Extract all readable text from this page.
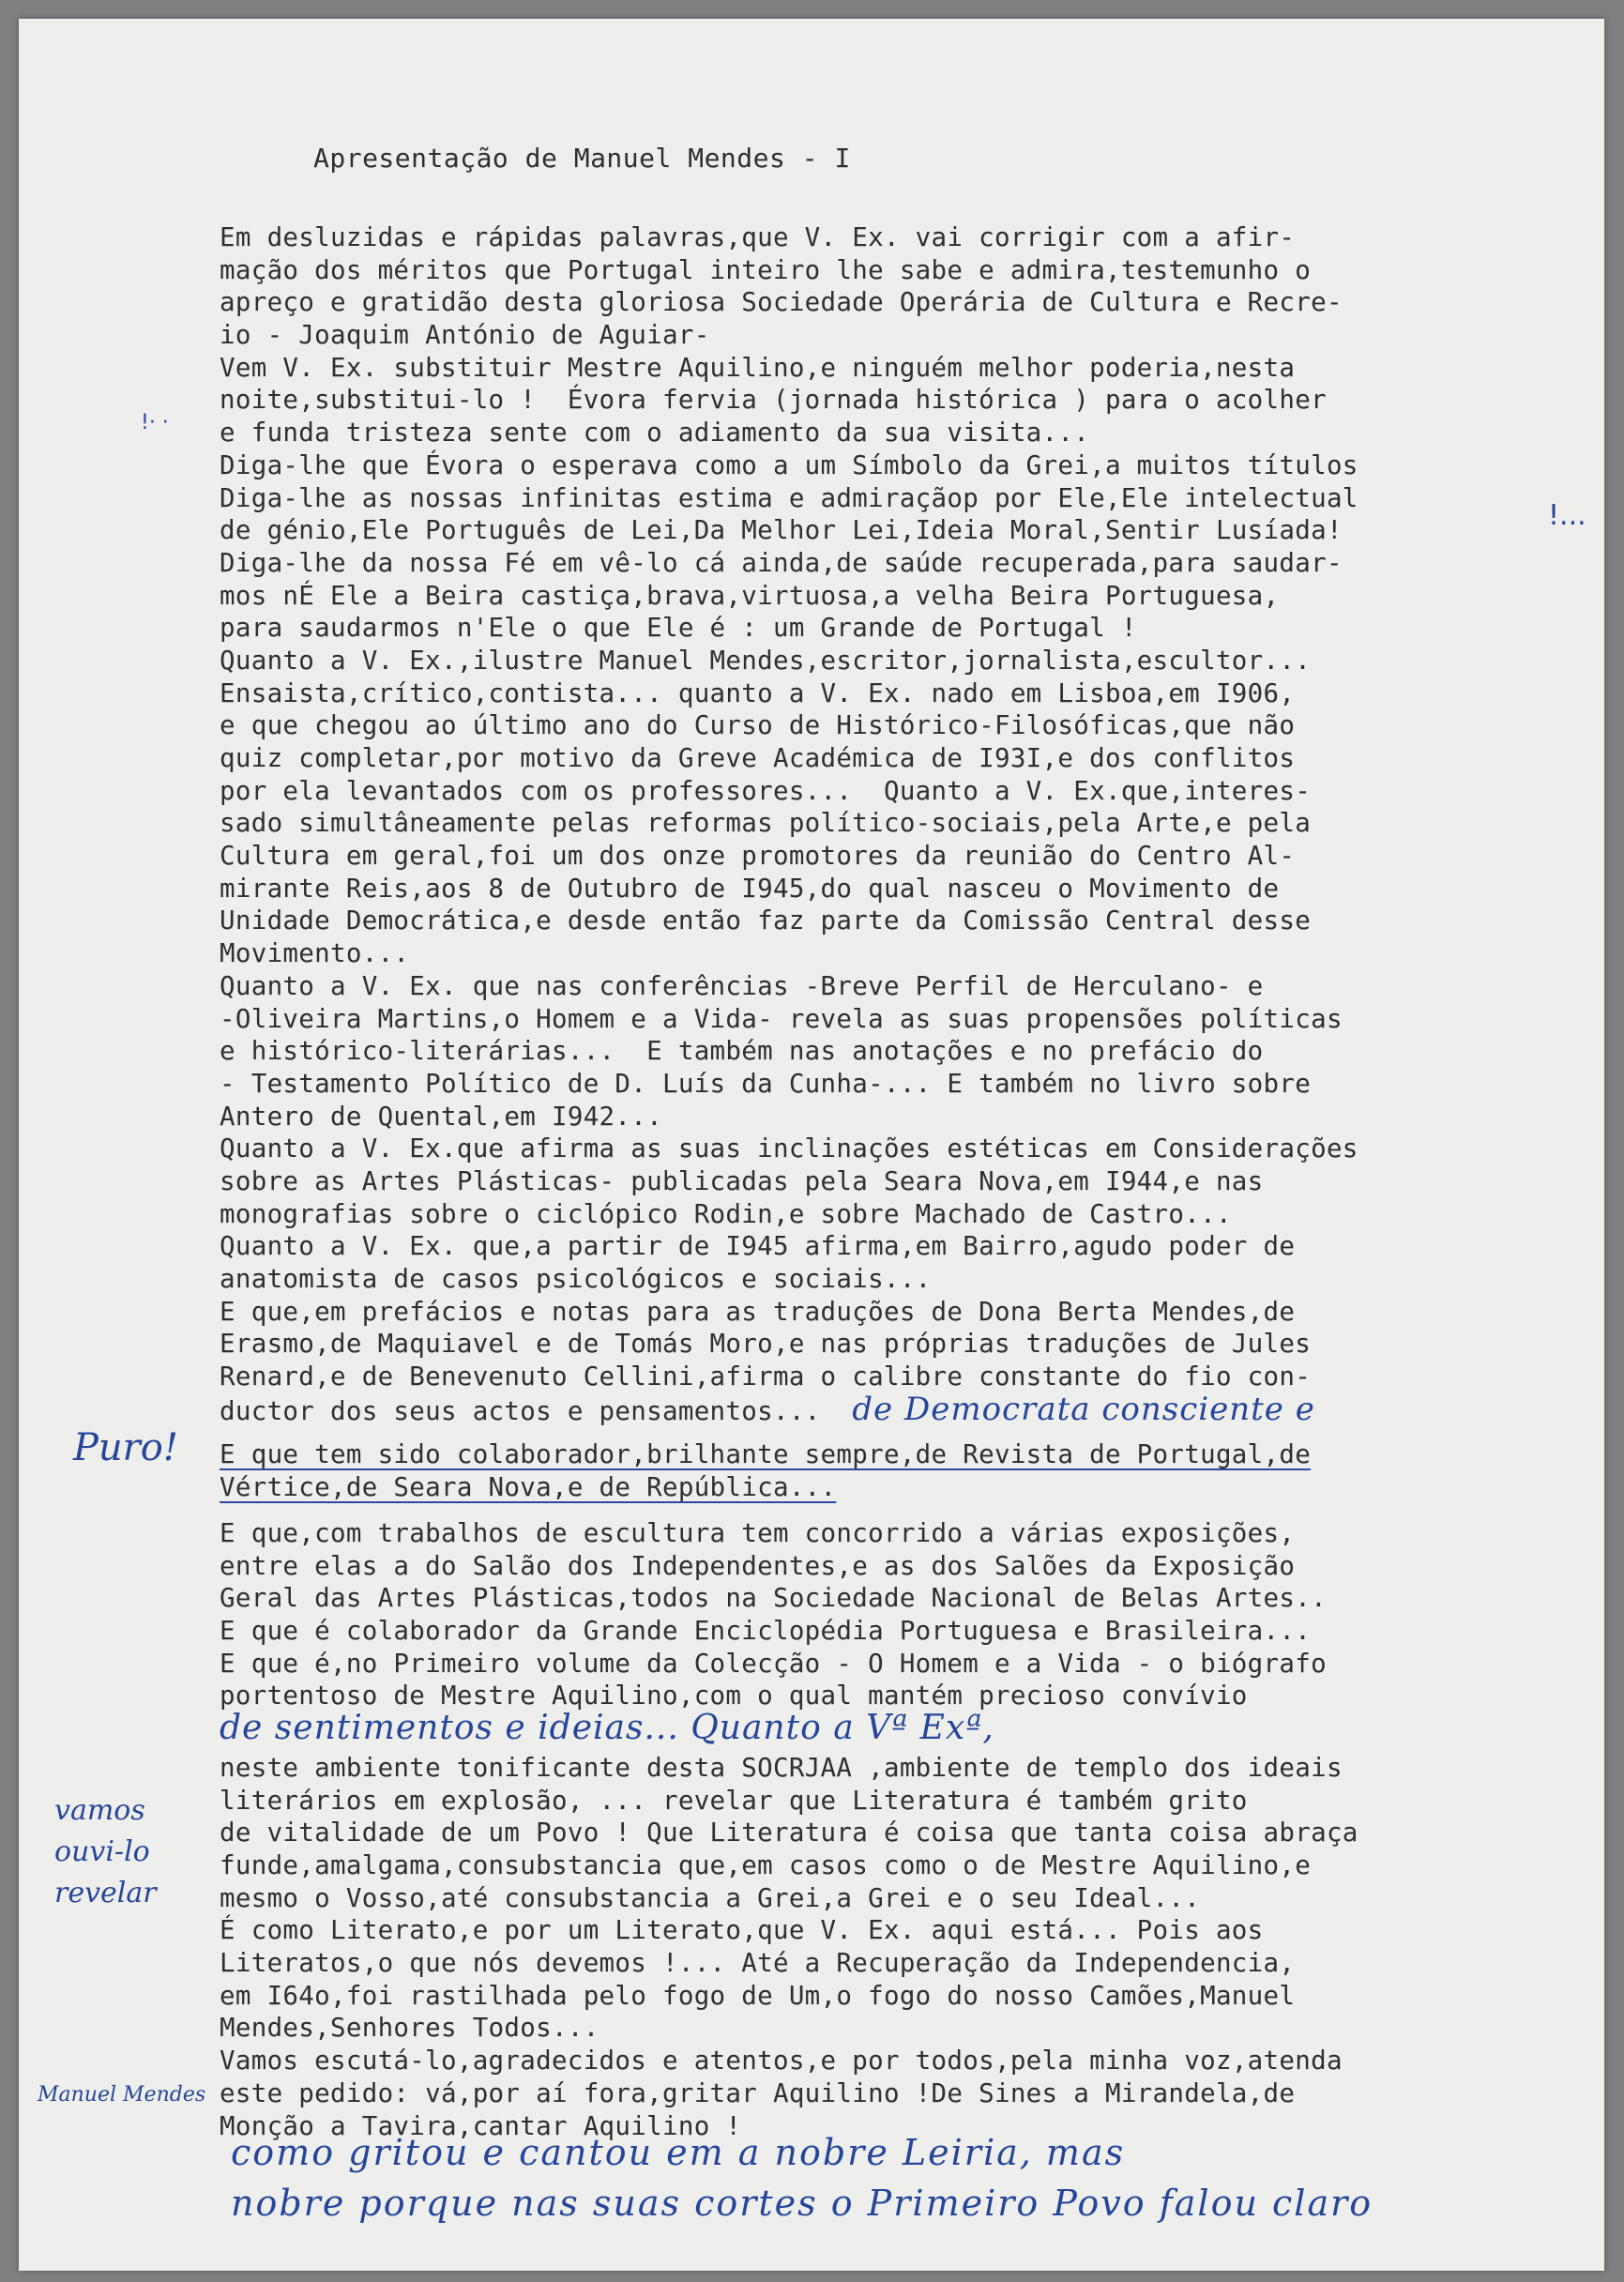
Apresentação de Manuel Mendes - I
!· ·
!...
Em desluzidas e rápidas palavras,que V. Ex. vai corrigir com a afir-
mação dos méritos que Portugal inteiro lhe sabe e admira,testemunho o
apreço e gratidão desta gloriosa Sociedade Operária de Cultura e Recre-
io - Joaquim António de Aguiar-
Vem V. Ex. substituir Mestre Aquilino,e ninguém melhor poderia,nesta
noite,substitui-lo !  Évora fervia (jornada histórica ) para o acolher
e funda tristeza sente com o adiamento da sua visita...
Diga-lhe que Évora o esperava como a um Símbolo da Grei,a muitos títulos
Diga-lhe as nossas infinitas estima e admiraçãop por Ele,Ele intelectual
de génio,Ele Português de Lei,Da Melhor Lei,Ideia Moral,Sentir Lusíada!
Diga-lhe da nossa Fé em vê-lo cá ainda,de saúde recuperada,para saudar-
mos nÉ Ele a Beira castiça,brava,virtuosa,a velha Beira Portuguesa,
para saudarmos n'Ele o que Ele é : um Grande de Portugal !
Quanto a V. Ex.,ilustre Manuel Mendes,escritor,jornalista,escultor...
Ensaista,crítico,contista... quanto a V. Ex. nado em Lisboa,em I906,
e que chegou ao último ano do Curso de Histórico-Filosóficas,que não
quiz completar,por motivo da Greve Académica de I93I,e dos conflitos
por ela levantados com os professores...  Quanto a V. Ex.que,interes-
sado simultâneamente pelas reformas político-sociais,pela Arte,e pela
Cultura em geral,foi um dos onze promotores da reunião do Centro Al-
mirante Reis,aos 8 de Outubro de I945,do qual nasceu o Movimento de
Unidade Democrática,e desde então faz parte da Comissão Central desse
Movimento...
Quanto a V. Ex. que nas conferências -Breve Perfil de Herculano- e
-Oliveira Martins,o Homem e a Vida- revela as suas propensões políticas
e histórico-literárias...  E também nas anotações e no prefácio do
- Testamento Político de D. Luís da Cunha-... E também no livro sobre
Antero de Quental,em I942...
Quanto a V. Ex.que afirma as suas inclinações estéticas em Considerações
sobre as Artes Plásticas- publicadas pela Seara Nova,em I944,e nas
monografias sobre o ciclópico Rodin,e sobre Machado de Castro...
Quanto a V. Ex. que,a partir de I945 afirma,em Bairro,agudo poder de
anatomista de casos psicológicos e sociais...
E que,em prefácios e notas para as traduções de Dona Berta Mendes,de
Erasmo,de Maquiavel e de Tomás Moro,e nas próprias traduções de Jules
Renard,e de Benevenuto Cellini,afirma o calibre constante do fio con-
ductor dos seus actos e pensamentos... de Democrata consciente e
E que tem sido colaborador,brilhante sempre,de Revista de Portugal,de
Vértice,de Seara Nova,e de República...
E que,com trabalhos de escultura tem concorrido a várias exposições,
entre elas a do Salão dos Independentes,e as dos Salões da Exposição
Geral das Artes Plásticas,todos na Sociedade Nacional de Belas Artes..
E que é colaborador da Grande Enciclopédia Portuguesa e Brasileira...
E que é,no Primeiro volume da Colecção - O Homem e a Vida - o biógrafo
portentoso de Mestre Aquilino,com o qual mantém precioso convívio
de sentimentos e ideias... Quanto a Vª Exª,
neste ambiente tonificante desta SOCRJAA ,ambiente de templo dos ideais
literários em explosão, ... revelar que Literatura é também grito
de vitalidade de um Povo ! Que Literatura é coisa que tanta coisa abraça
funde,amalgama,consubstancia que,em casos como o de Mestre Aquilino,e
mesmo o Vosso,até consubstancia a Grei,a Grei e o seu Ideal...
É como Literato,e por um Literato,que V. Ex. aqui está... Pois aos
Literatos,o que nós devemos !... Até a Recuperação da Independencia,
em I64o,foi rastilhada pelo fogo de Um,o fogo do nosso Camões,Manuel
Mendes,Senhores Todos...
Vamos escutá-lo,agradecidos e atentos,e por todos,pela minha voz,atenda
este pedido: vá,por aí fora,gritar Aquilino !De Sines a Mirandela,de
Monção a Tavira,cantar Aquilino !
Puro!
vamos
ouvi-lo
revelar
Manuel Mendes
como gritou e cantou em a nobre Leiria, mas
nobre porque nas suas cortes o Primeiro Povo falou claro
